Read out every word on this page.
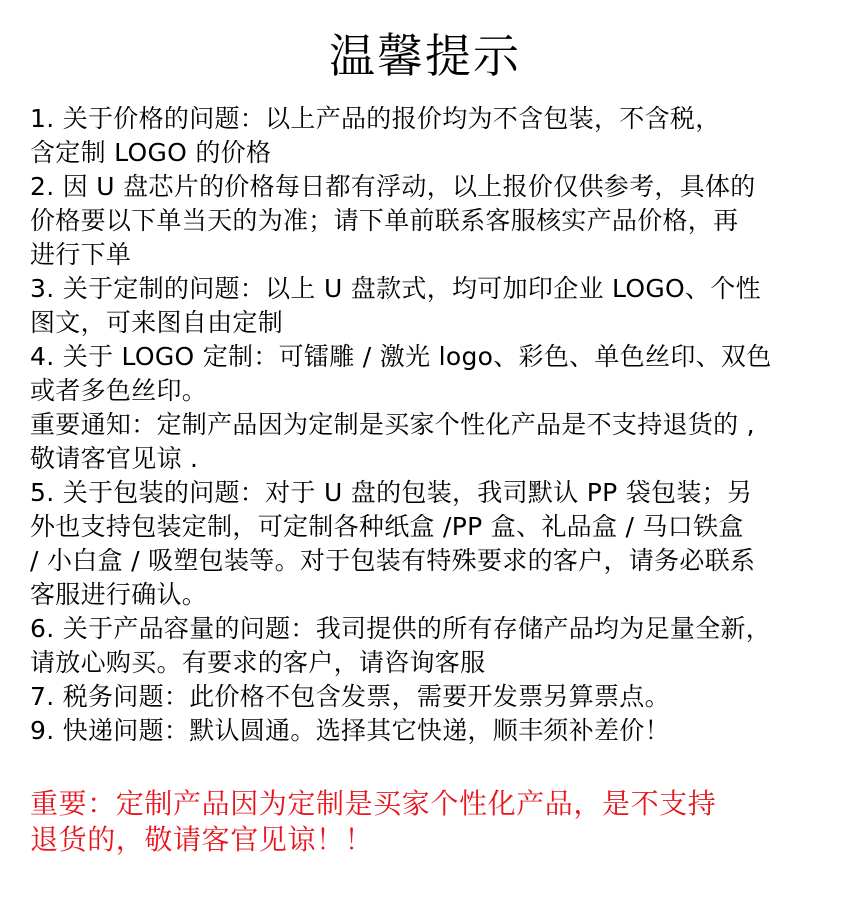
温馨提示
1. 关于价格的问题：以上产品的报价均为不含包装，不含税，
含定制 LOGO 的价格
2. 因 U 盘芯片的价格每日都有浮动，以上报价仅供参考，具体的
价格要以下单当天的为准；请下单前联系客服核实产品价格，再
进行下单
3. 关于定制的问题：以上 U 盘款式，均可加印企业 LOGO、个性
图文，可来图自由定制
4. 关于 LOGO 定制：可镭雕 / 激光 logo、彩色、单色丝印、双色
或者多色丝印。
重要通知：定制产品因为定制是买家个性化产品是不支持退货的 ,
敬请客官见谅 .
5. 关于包装的问题：对于 U 盘的包装，我司默认 PP 袋包装；另
外也支持包装定制，可定制各种纸盒 /PP 盒、礼品盒 / 马口铁盒
/ 小白盒 / 吸塑包装等。对于包装有特殊要求的客户，请务必联系
客服进行确认。
6. 关于产品容量的问题：我司提供的所有存储产品均为足量全新，
请放心购买。有要求的客户，请咨询客服
7. 税务问题：此价格不包含发票，需要开发票另算票点。
9. 快递问题：默认圆通。选择其它快递，顺丰须补差价！
重要：定制产品因为定制是买家个性化产品，是不支持
退货的，敬请客官见谅！！
